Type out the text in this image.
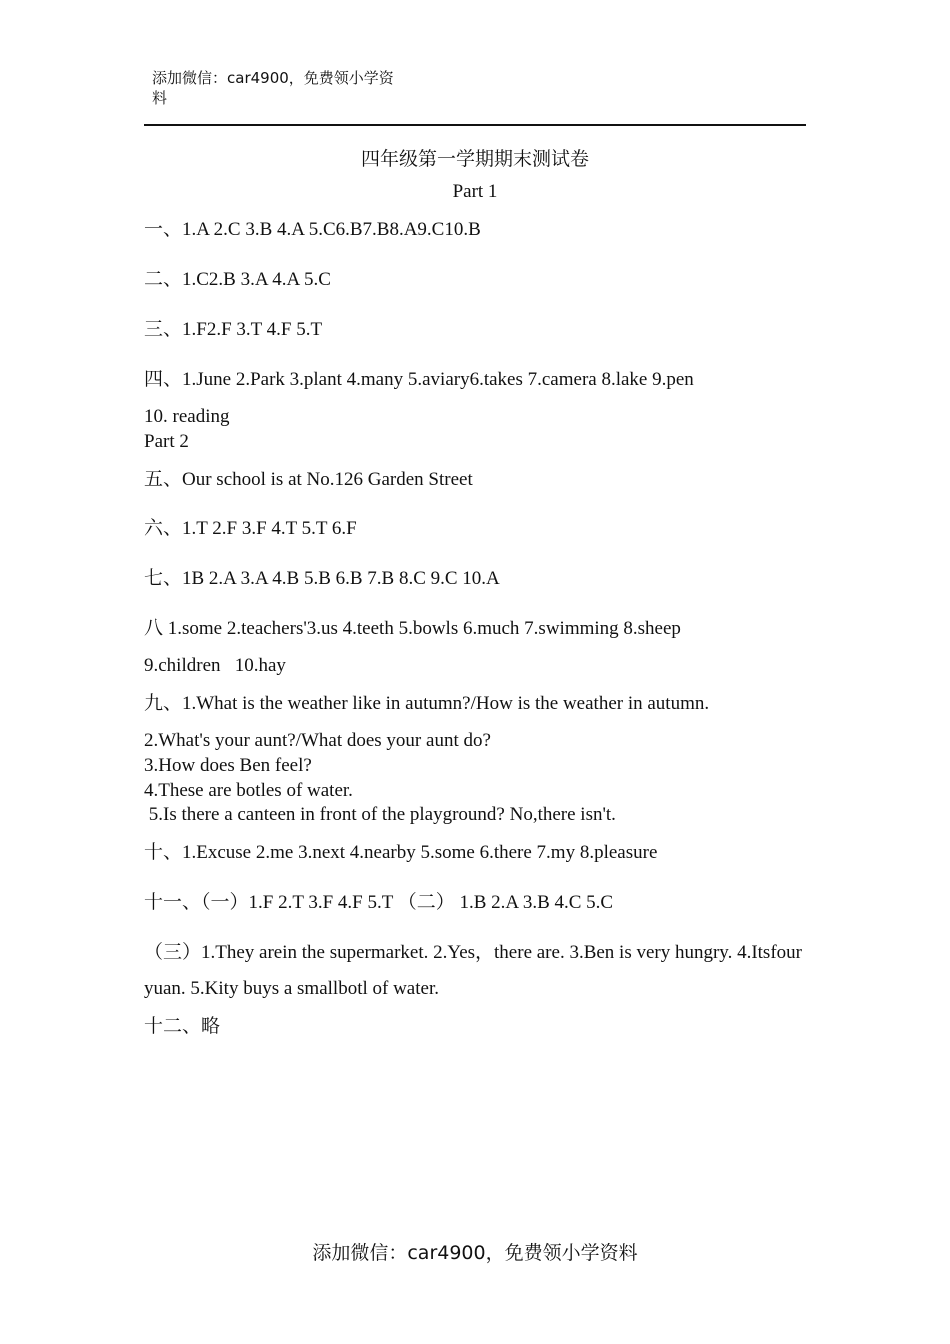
添加微信：car4900，免费领小学资料
四年级第一学期期末测试卷
Part 1
一、1.A 2.C 3.B 4.A 5.C6.B7.B8.A9.C10.B
二、1.C2.B 3.A 4.A 5.C
三、1.F2.F 3.T 4.F 5.T
四、1.June 2.Park 3.plant 4.many 5.aviary6.takes 7.camera 8.lake 9.pen
10. reading
Part 2
五、Our school is at No.126 Garden Street
六、1.T 2.F 3.F 4.T 5.T 6.F
七、1B 2.A 3.A 4.B 5.B 6.B 7.B 8.C 9.C 10.A
八 1.some 2.teachers'3.us 4.teeth 5.bowls 6.much 7.swimming 8.sheep
9.children   10.hay
九、1.What is the weather like in autumn?/How is the weather in autumn.
2.What's your aunt?/What does your aunt do?
3.How does Ben feel?
4.These are botles of water.
5.Is there a canteen in front of the playground? No,there isn't.
十、1.Excuse 2.me 3.next 4.nearby 5.some 6.there 7.my 8.pleasure
十一、（一）1.F 2.T 3.F 4.F 5.T （二） 1.B 2.A 3.B 4.C 5.C
（三）1.They arein the supermarket. 2.Yes，there are. 3.Ben is very hungry. 4.Itsfour
yuan. 5.Kity buys a smallbotl of water.
十二、略
添加微信：car4900，免费领小学资料
